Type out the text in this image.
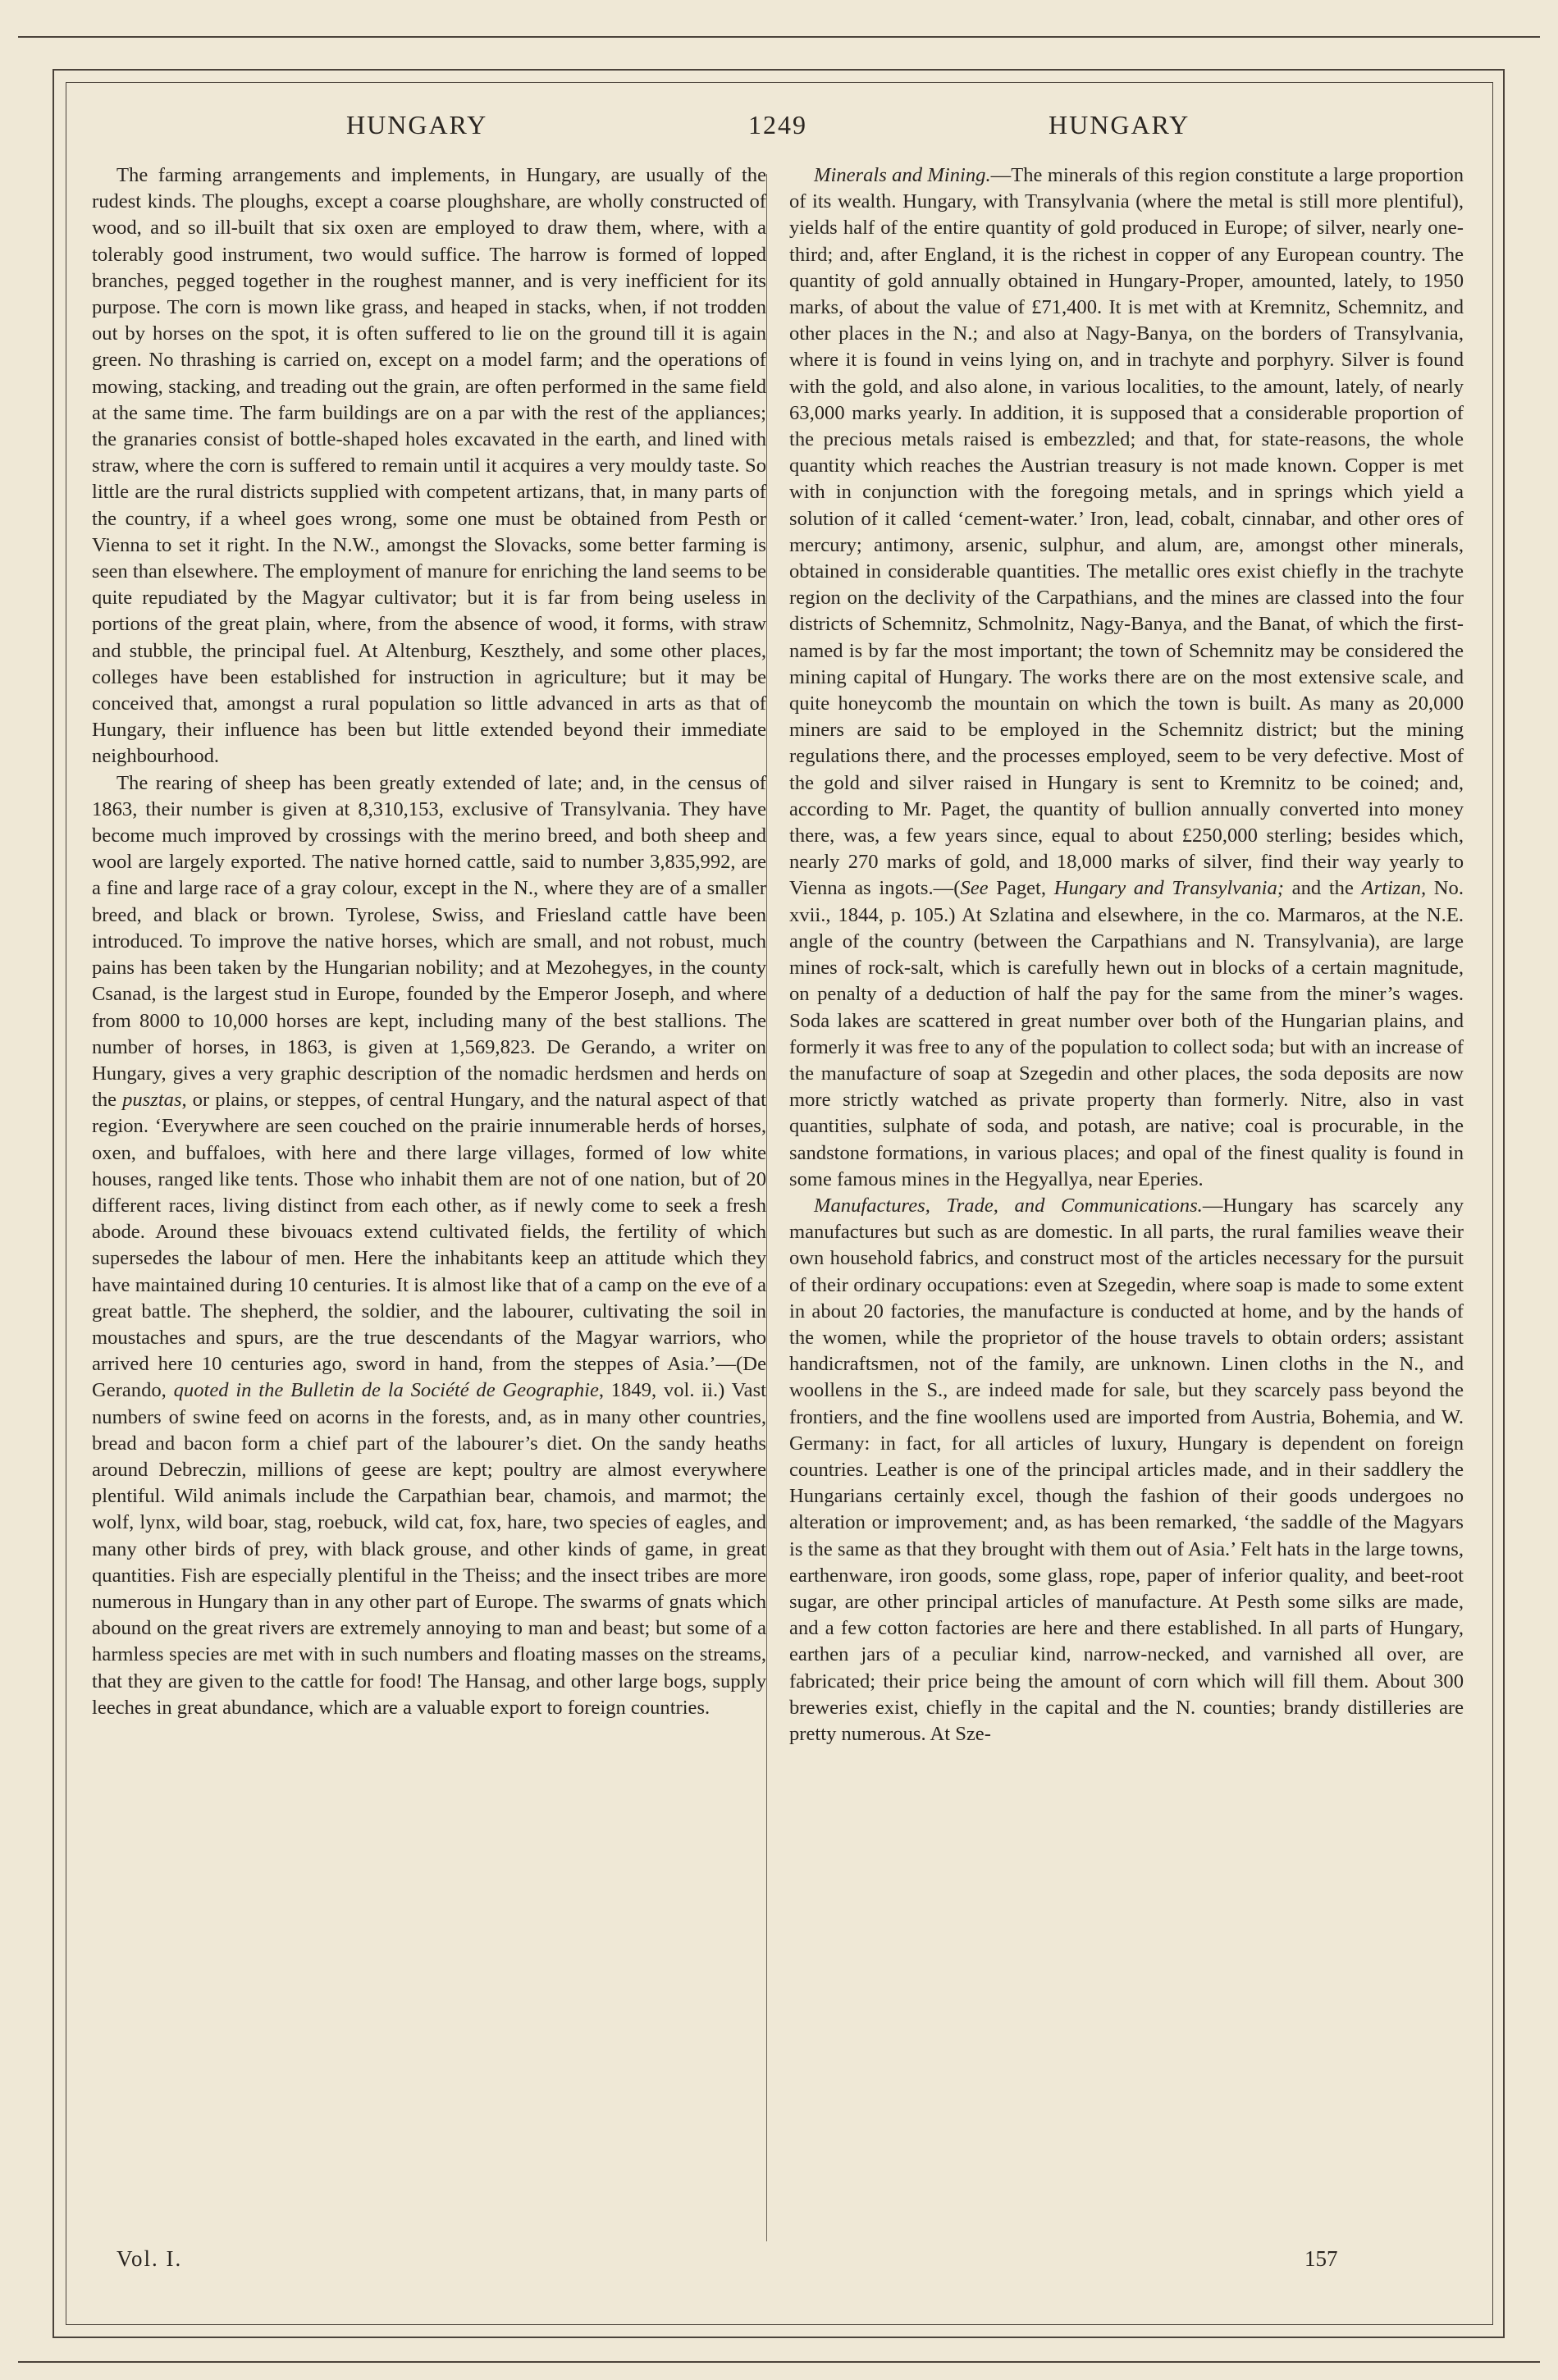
HUNGARY	1249	HUNGARY

The farming arrangements and implements, in Hungary, are usually of the rudest kinds. The ploughs, except a coarse ploughshare, are wholly constructed of wood, and so ill-built that six oxen are employed to draw them, where, with a tolerably good instrument, two would suffice. The harrow is formed of lopped branches, pegged together in the roughest manner, and is very inefficient for its purpose. The corn is mown like grass, and heaped in stacks, when, if not trodden out by horses on the spot, it is often suffered to lie on the ground till it is again green. No thrashing is carried on, except on a model farm; and the operations of mowing, stacking, and treading out the grain, are often performed in the same field at the same time. The farm buildings are on a par with the rest of the appliances; the granaries consist of bottle-shaped holes excavated in the earth, and lined with straw, where the corn is suffered to remain until it acquires a very mouldy taste. So little are the rural districts supplied with competent artizans, that, in many parts of the country, if a wheel goes wrong, some one must be obtained from Pesth or Vienna to set it right. In the N.W., amongst the Slovacks, some better farming is seen than elsewhere. The employment of manure for enriching the land seems to be quite repudiated by the Magyar cultivator; but it is far from being useless in portions of the great plain, where, from the absence of wood, it forms, with straw and stubble, the principal fuel. At Altenburg, Keszthely, and some other places, colleges have been established for instruction in agriculture; but it may be conceived that, amongst a rural population so little advanced in arts as that of Hungary, their influence has been but little extended beyond their immediate neighbourhood.

The rearing of sheep has been greatly extended of late; and, in the census of 1863, their number is given at 8,310,153, exclusive of Transylvania. They have become much improved by crossings with the merino breed, and both sheep and wool are largely exported. The native horned cattle, said to number 3,835,992, are a fine and large race of a gray colour, except in the N., where they are of a smaller breed, and black or brown. Tyrolese, Swiss, and Friesland cattle have been introduced. To improve the native horses, which are small, and not robust, much pains has been taken by the Hungarian nobility; and at Mezohegyes, in the county Csanad, is the largest stud in Europe, founded by the Emperor Joseph, and where from 8000 to 10,000 horses are kept, including many of the best stallions. The number of horses, in 1863, is given at 1,569,823. De Gerando, a writer on Hungary, gives a very graphic description of the nomadic herdsmen and herds on the pusztas, or plains, or steppes, of central Hungary, and the natural aspect of that region. ‘Everywhere are seen couched on the prairie innumerable herds of horses, oxen, and buffaloes, with here and there large villages, formed of low white houses, ranged like tents. Those who inhabit them are not of one nation, but of 20 different races, living distinct from each other, as if newly come to seek a fresh abode. Around these bivouacs extend cultivated fields, the fertility of which supersedes the labour of men. Here the inhabitants keep an attitude which they have maintained during 10 centuries. It is almost like that of a camp on the eve of a great battle. The shepherd, the soldier, and the labourer, cultivating the soil in moustaches and spurs, are the true descendants of the Magyar warriors, who arrived here 10 centuries ago, sword in hand, from the steppes of Asia.’—(De Gerando, quoted in the Bulletin de la Société de Geographie, 1849, vol. ii.) Vast numbers of swine feed on acorns in the forests, and, as in many other countries, bread and bacon form a chief part of the labourer’s diet. On the sandy heaths around Debreczin, millions of geese are kept; poultry are almost everywhere plentiful. Wild animals include the Carpathian bear, chamois, and marmot; the wolf, lynx, wild boar, stag, roebuck, wild cat, fox, hare, two species of eagles, and many other birds of prey, with black grouse, and other kinds of game, in great quantities. Fish are especially plentiful in the Theiss; and the insect tribes are more numerous in Hungary than in any other part of Europe. The swarms of gnats which abound on the great rivers are extremely annoying to man and beast; but some of a harmless species are met with in such numbers and floating masses on the streams, that they are given to the cattle for food! The Hansag, and other large bogs, supply leeches in great abundance, which are a valuable export to foreign countries.

Minerals and Mining.—The minerals of this region constitute a large proportion of its wealth. Hungary, with Transylvania (where the metal is still more plentiful), yields half of the entire quantity of gold produced in Europe; of silver, nearly one-third; and, after England, it is the richest in copper of any European country. The quantity of gold annually obtained in Hungary-Proper, amounted, lately, to 1950 marks, of about the value of £71,400. It is met with at Kremnitz, Schemnitz, and other places in the N.; and also at Nagy-Banya, on the borders of Transylvania, where it is found in veins lying on, and in trachyte and porphyry. Silver is found with the gold, and also alone, in various localities, to the amount, lately, of nearly 63,000 marks yearly. In addition, it is supposed that a considerable proportion of the precious metals raised is embezzled; and that, for state-reasons, the whole quantity which reaches the Austrian treasury is not made known. Copper is met with in conjunction with the foregoing metals, and in springs which yield a solution of it called ‘cement-water.’ Iron, lead, cobalt, cinnabar, and other ores of mercury; antimony, arsenic, sulphur, and alum, are, amongst other minerals, obtained in considerable quantities. The metallic ores exist chiefly in the trachyte region on the declivity of the Carpathians, and the mines are classed into the four districts of Schemnitz, Schmolnitz, Nagy-Banya, and the Banat, of which the first-named is by far the most important; the town of Schemnitz may be considered the mining capital of Hungary. The works there are on the most extensive scale, and quite honeycomb the mountain on which the town is built. As many as 20,000 miners are said to be employed in the Schemnitz district; but the mining regulations there, and the processes employed, seem to be very defective. Most of the gold and silver raised in Hungary is sent to Kremnitz to be coined; and, according to Mr. Paget, the quantity of bullion annually converted into money there, was, a few years since, equal to about £250,000 sterling; besides which, nearly 270 marks of gold, and 18,000 marks of silver, find their way yearly to Vienna as ingots.—(See Paget, Hungary and Transylvania; and the Artizan, No. xvii., 1844, p. 105.) At Szlatina and elsewhere, in the co. Marmaros, at the N.E. angle of the country (between the Carpathians and N. Transylvania), are large mines of rock-salt, which is carefully hewn out in blocks of a certain magnitude, on penalty of a deduction of half the pay for the same from the miner’s wages. Soda lakes are scattered in great number over both of the Hungarian plains, and formerly it was free to any of the population to collect soda; but with an increase of the manufacture of soap at Szegedin and other places, the soda deposits are now more strictly watched as private property than formerly. Nitre, also in vast quantities, sulphate of soda, and potash, are native; coal is procurable, in the sandstone formations, in various places; and opal of the finest quality is found in some famous mines in the Hegyallya, near Eperies.

Manufactures, Trade, and Communications.—Hungary has scarcely any manufactures but such as are domestic. In all parts, the rural families weave their own household fabrics, and construct most of the articles necessary for the pursuit of their ordinary occupations: even at Szegedin, where soap is made to some extent in about 20 factories, the manufacture is conducted at home, and by the hands of the women, while the proprietor of the house travels to obtain orders; assistant handicraftsmen, not of the family, are unknown. Linen cloths in the N., and woollens in the S., are indeed made for sale, but they scarcely pass beyond the frontiers, and the fine woollens used are imported from Austria, Bohemia, and W. Germany: in fact, for all articles of luxury, Hungary is dependent on foreign countries. Leather is one of the principal articles made, and in their saddlery the Hungarians certainly excel, though the fashion of their goods undergoes no alteration or improvement; and, as has been remarked, ‘the saddle of the Magyars is the same as that they brought with them out of Asia.’ Felt hats in the large towns, earthenware, iron goods, some glass, rope, paper of inferior quality, and beet-root sugar, are other principal articles of manufacture. At Pesth some silks are made, and a few cotton factories are here and there established. In all parts of Hungary, earthen jars of a peculiar kind, narrow-necked, and varnished all over, are fabricated; their price being the amount of corn which will fill them. About 300 breweries exist, chiefly in the capital and the N. counties; brandy distilleries are pretty numerous. At Sze-

Vol. I.	157
